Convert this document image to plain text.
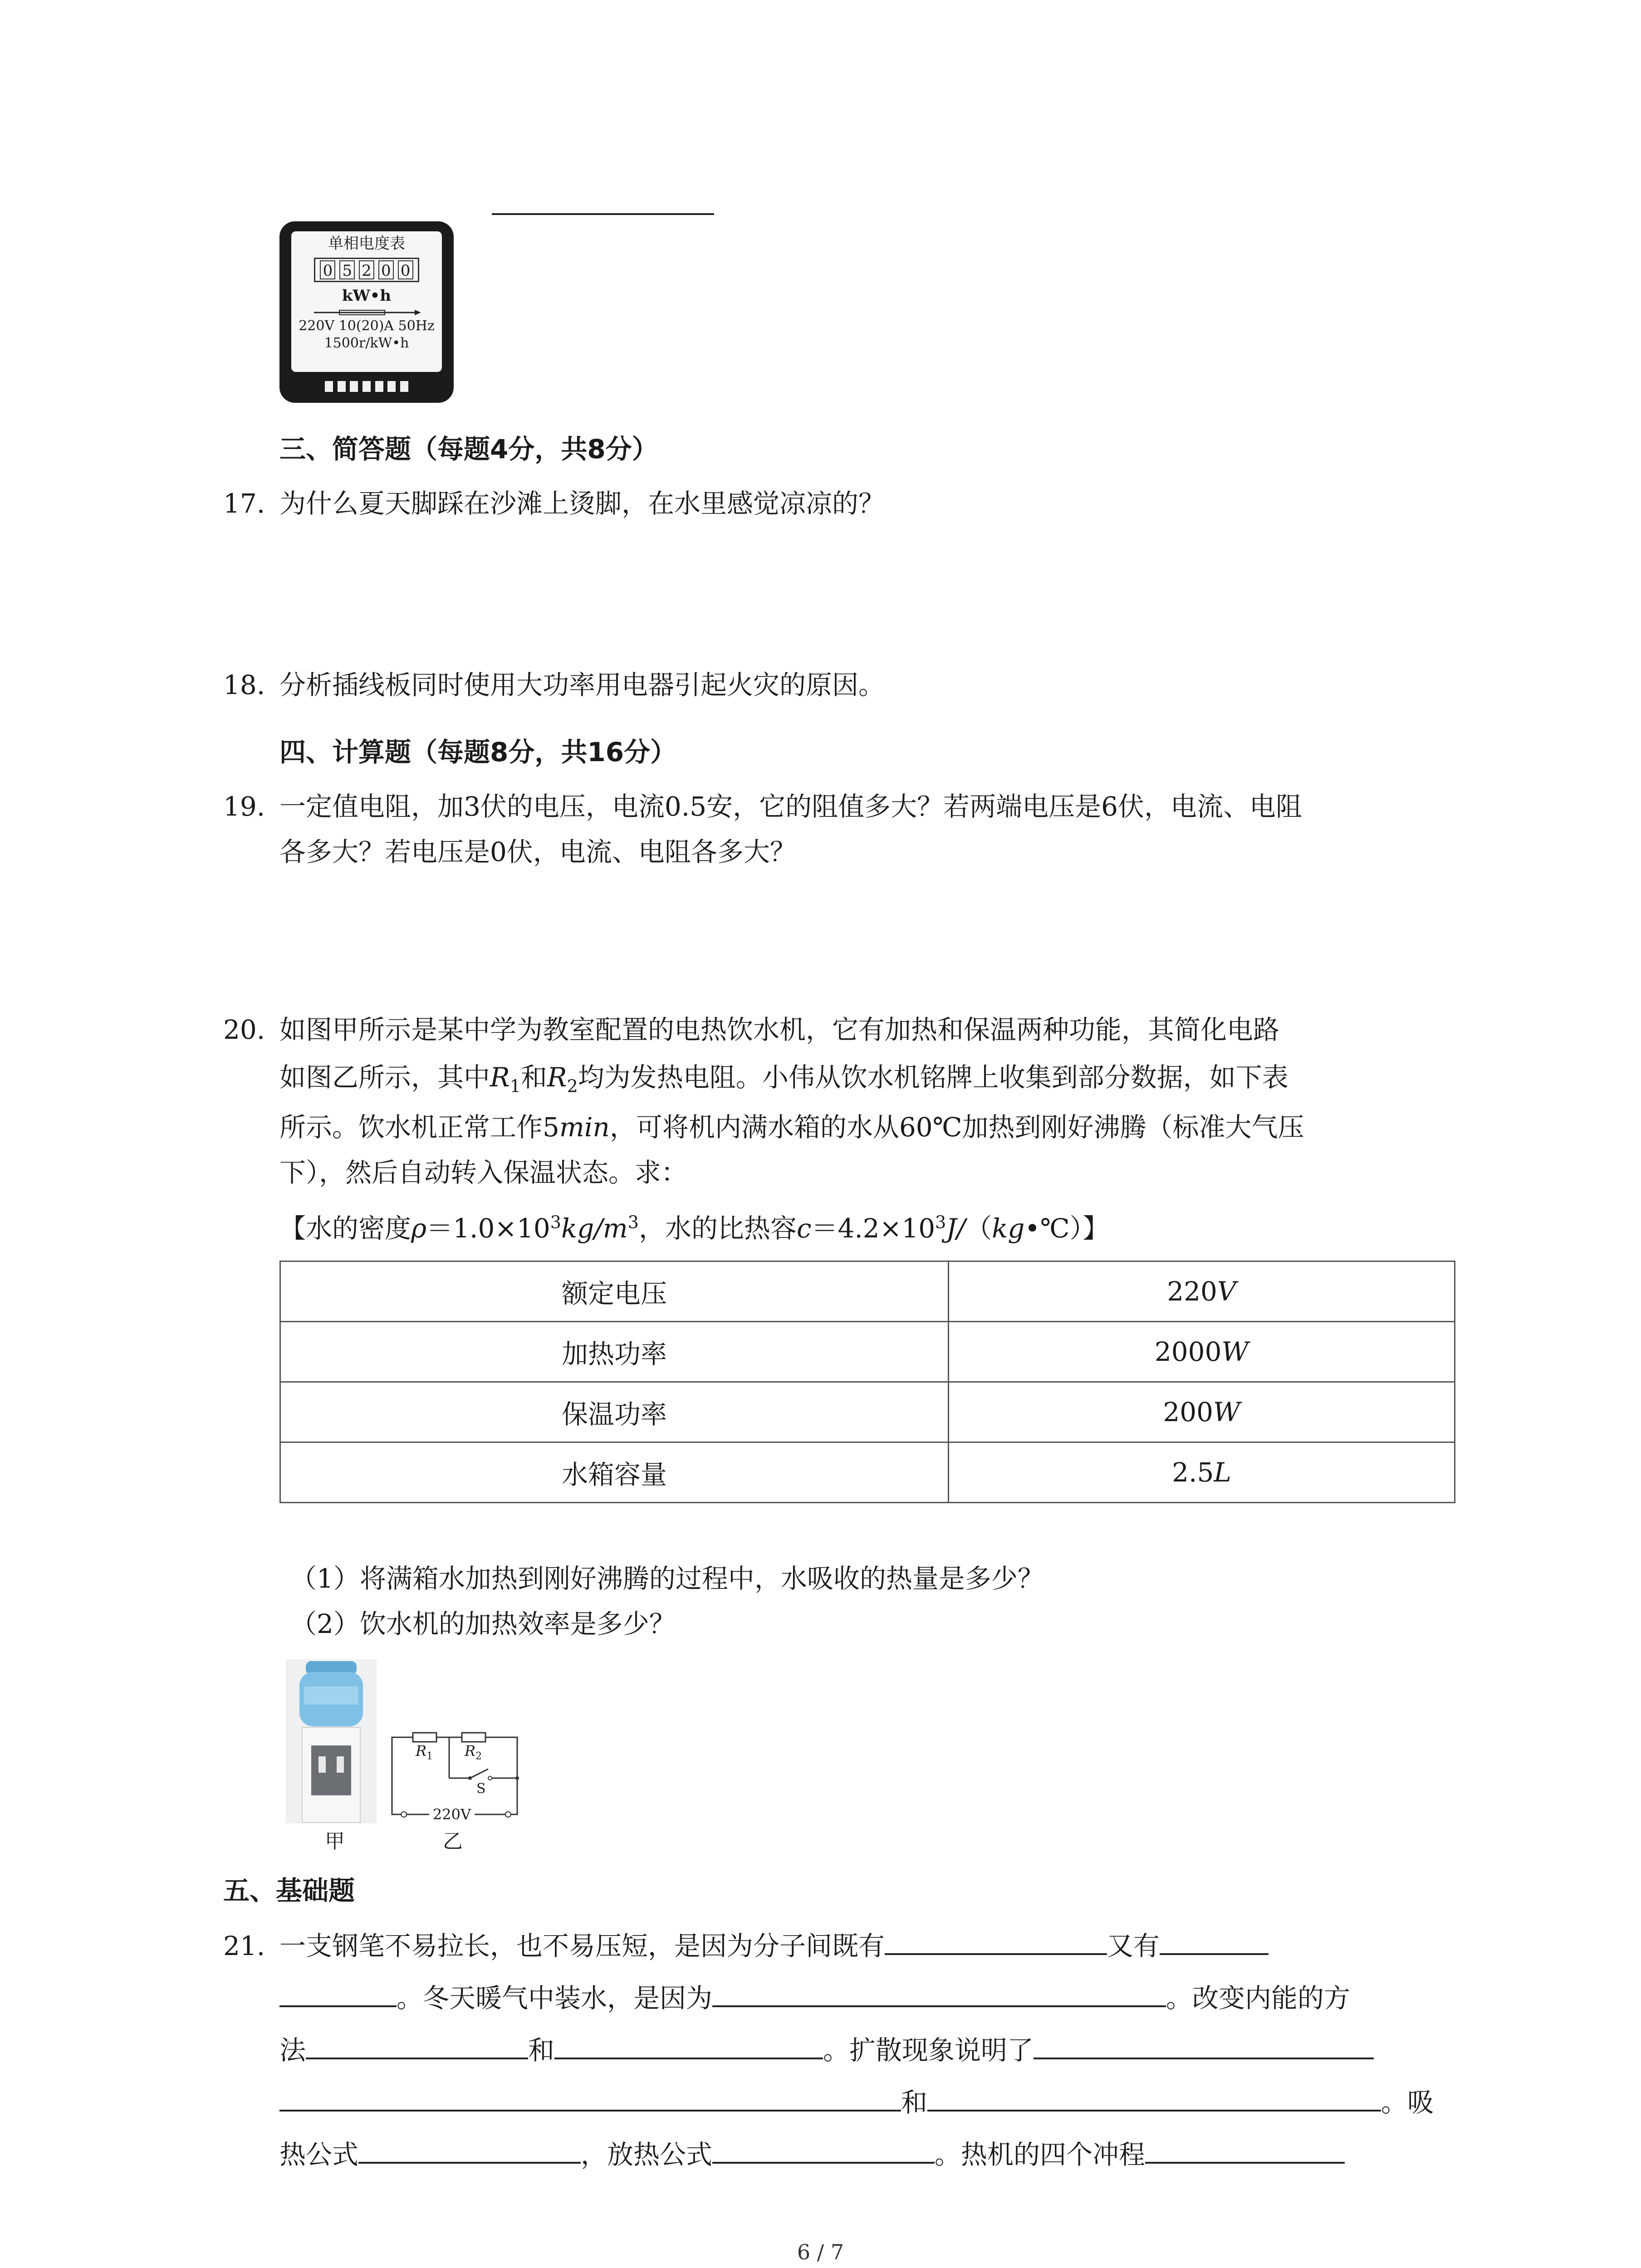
单相电度表
0 5 2 0 0
kW•h
220V 10(20)A 50Hz
1500r/kW•h
三、简答题（每题4分，共8分）
17. 为什么夏天脚踩在沙滩上烫脚，在水里感觉凉凉的？
18. 分析插线板同时使用大功率用电器引起火灾的原因。
四、计算题（每题8分，共16分）
19. 一定值电阻，加3伏的电压，电流0.5安，它的阻值多大？若两端电压是6伏，电流、电阻
各多大？若电压是0伏，电流、电阻各多大？
20. 如图甲所示是某中学为教室配置的电热饮水机，它有加热和保温两种功能，其简化电路
如图乙所示，其中$R_1$和$R_2$均为发热电阻。小伟从饮水机铭牌上收集到部分数据，如下表
所示。饮水机正常工作5min，可将机内满水箱的水从60℃加热到刚好沸腾（标准大气压
下），然后自动转入保温状态。求：
【水的密度$\rho=1.0\times 10^3kg/m^3$，水的比热容$c=4.2\times 10^3J/(kg•℃)$】
额定电压	220V
加热功率	2000W
保温功率	200W
水箱容量	2.5L
（1）将满箱水加热到刚好沸腾的过程中，水吸收的热量是多少？
（2）饮水机的加热效率是多少？
甲
$R_1$ $R_2$
S
220V
乙
五、基础题
21. 一支钢笔不易拉长，也不易压短，是因为分子间既有	又有
。冬天暖气中装水，是因为	。改变内能的方
法	和	。扩散现象说明了
和	。吸
热公式	，放热公式	。热机的四个冲程
6 / 7
